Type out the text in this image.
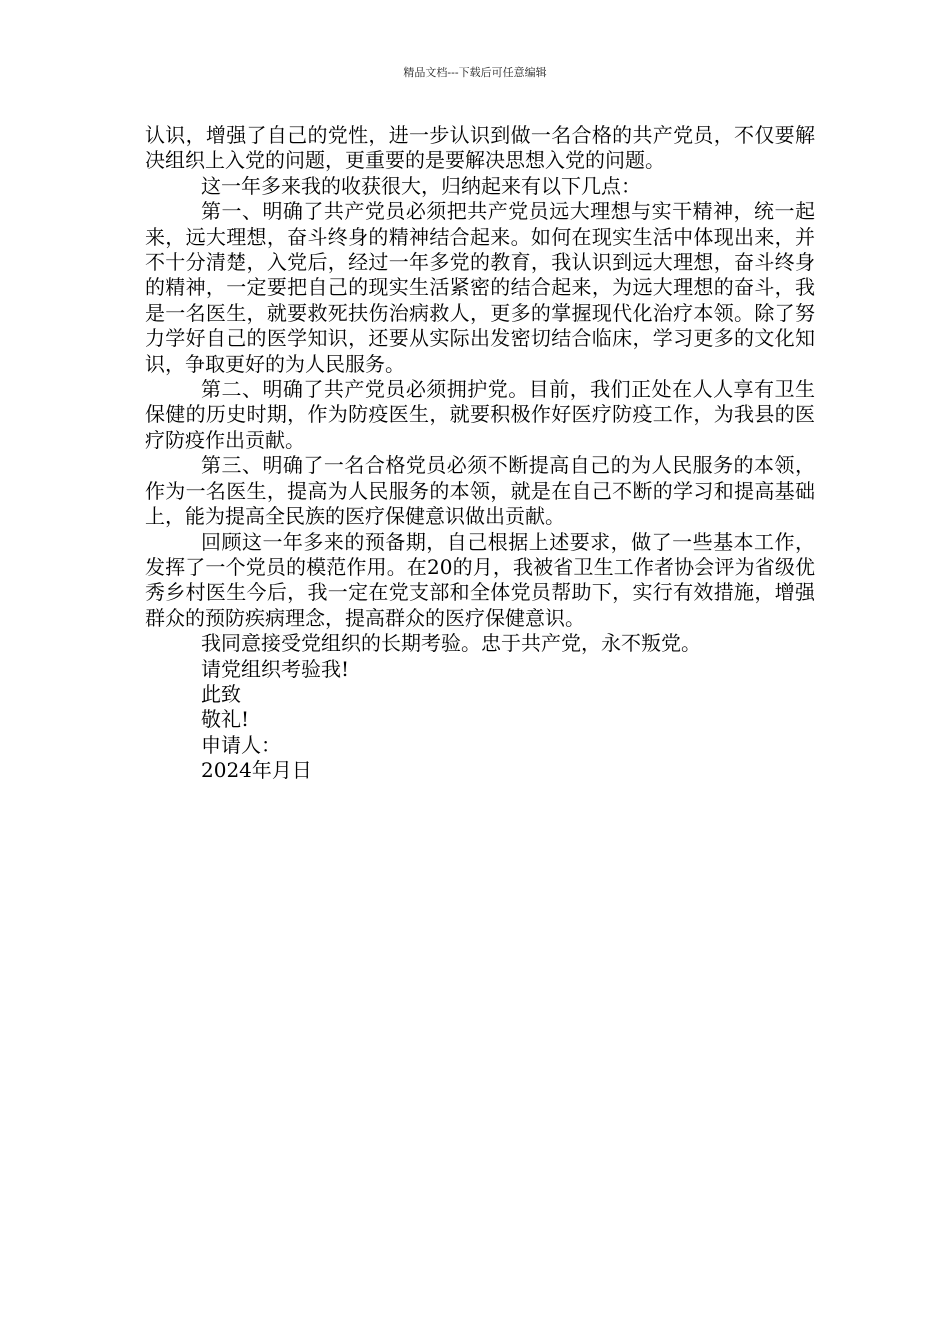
精品文档---下载后可任意编辑

认识，增强了自己的党性，进一步认识到做一名合格的共产党员，不仅要解决组织上入党的问题，更重要的是要解决思想入党的问题。

这一年多来我的收获很大，归纳起来有以下几点：

第一、明确了共产党员必须把共产党员远大理想与实干精神，统一起来，远大理想，奋斗终身的精神结合起来。如何在现实生活中体现出来，并不十分清楚，入党后，经过一年多党的教育，我认识到远大理想，奋斗终身的精神，一定要把自己的现实生活紧密的结合起来，为远大理想的奋斗，我是一名医生，就要救死扶伤治病救人，更多的掌握现代化治疗本领。除了努力学好自己的医学知识，还要从实际出发密切结合临床，学习更多的文化知识，争取更好的为人民服务。

第二、明确了共产党员必须拥护党。目前，我们正处在人人享有卫生保健的历史时期，作为防疫医生，就要积极作好医疗防疫工作，为我县的医疗防疫作出贡献。

第三、明确了一名合格党员必须不断提高自己的为人民服务的本领，作为一名医生，提高为人民服务的本领，就是在自己不断的学习和提高基础上，能为提高全民族的医疗保健意识做出贡献。

回顾这一年多来的预备期，自己根据上述要求，做了一些基本工作，发挥了一个党员的模范作用。在20的月，我被省卫生工作者协会评为省级优秀乡村医生今后，我一定在党支部和全体党员帮助下，实行有效措施，增强群众的预防疾病理念，提高群众的医疗保健意识。

我同意接受党组织的长期考验。忠于共产党，永不叛党。

请党组织考验我!

此致

敬礼!

申请人：

2024年月日
